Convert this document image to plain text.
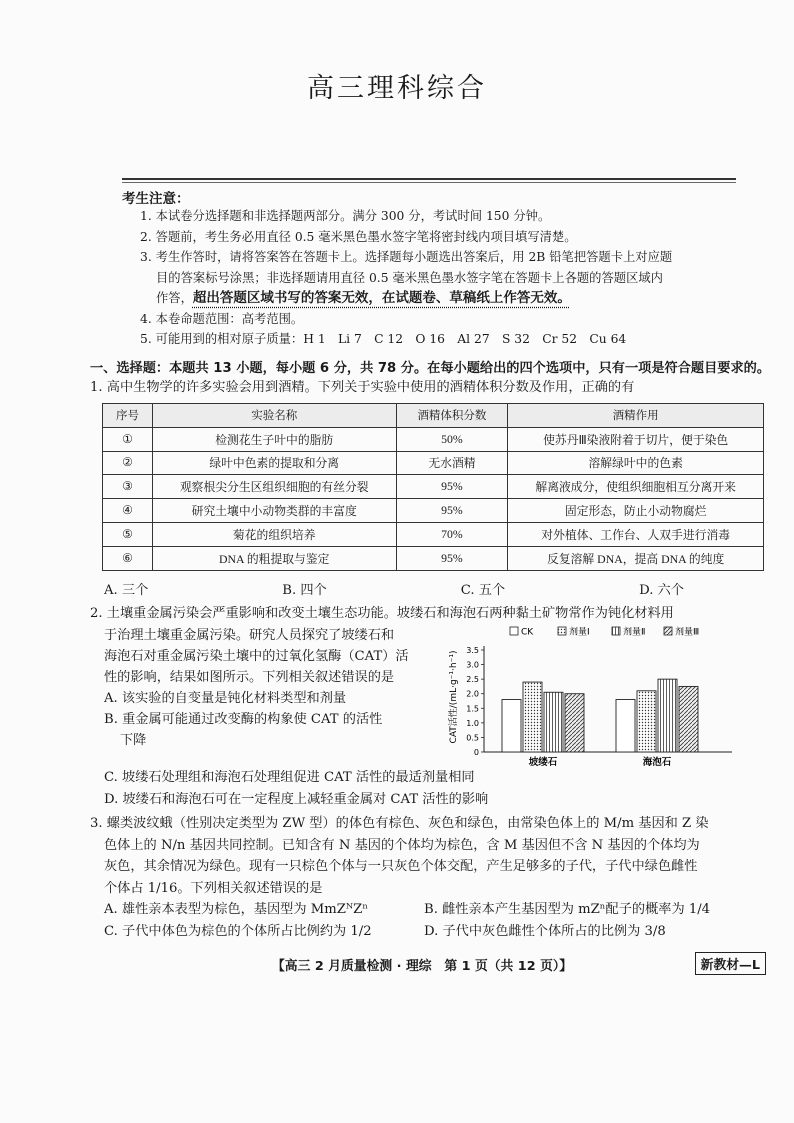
高三理科综合
考生注意：
1. 本试卷分选择题和非选择题两部分。满分 300 分，考试时间 150 分钟。
2. 答题前，考生务必用直径 0.5 毫米黑色墨水签字笔将密封线内项目填写清楚。
3. 考生作答时，请将答案答在答题卡上。选择题每小题选出答案后，用 2B 铅笔把答题卡上对应题
目的答案标号涂黑；非选择题请用直径 0.5 毫米黑色墨水签字笔在答题卡上各题的答题区域内
作答，超出答题区域书写的答案无效，在试题卷、草稿纸上作答无效。
4. 本卷命题范围：高考范围。
5. 可能用到的相对原子质量：H 1　Li 7　C 12　O 16　Al 27　S 32　Cr 52　Cu 64
一、选择题：本题共 13 小题，每小题 6 分，共 78 分。在每小题给出的四个选项中，只有一项是符合题目要求的。
1. 高中生物学的许多实验会用到酒精。下列关于实验中使用的酒精体积分数及作用，正确的有
序号	实验名称	酒精体积分数	酒精作用
①	检测花生子叶中的脂肪	50%	使苏丹Ⅲ染液附着于切片，便于染色
②	绿叶中色素的提取和分离	无水酒精	溶解绿叶中的色素
③	观察根尖分生区组织细胞的有丝分裂	95%	解离液成分，使组织细胞相互分离开来
④	研究土壤中小动物类群的丰富度	95%	固定形态，防止小动物腐烂
⑤	菊花的组织培养	70%	对外植体、工作台、人双手进行消毒
⑥	DNA 的粗提取与鉴定	95%	反复溶解 DNA，提高 DNA 的纯度
A. 三个	B. 四个	C. 五个	D. 六个
2. 土壤重金属污染会严重影响和改变土壤生态功能。坡缕石和海泡石两种黏土矿物常作为钝化材料用
于治理土壤重金属污染。研究人员探究了坡缕石和
海泡石对重金属污染土壤中的过氧化氢酶（CAT）活
性的影响，结果如图所示。下列相关叙述错误的是
A. 该实验的自变量是钝化材料类型和剂量
B. 重金属可能通过改变酶的构象使 CAT 的活性
下降
C. 坡缕石处理组和海泡石处理组促进 CAT 活性的最适剂量相同
D. 坡缕石和海泡石可在一定程度上减轻重金属对 CAT 活性的影响
CK	剂量Ⅰ	剂量Ⅱ	剂量Ⅲ
0
0.5
1.0
1.5
2.0
2.5
3.0
3.5
坡缕石	海泡石
CAT活性/(mL·g⁻¹·h⁻¹)
3. 螺类波纹蛾（性别决定类型为 ZW 型）的体色有棕色、灰色和绿色，由常染色体上的 M/m 基因和 Z 染
色体上的 N/n 基因共同控制。已知含有 N 基因的个体均为棕色，含 M 基因但不含 N 基因的个体均为
灰色，其余情况为绿色。现有一只棕色个体与一只灰色个体交配，产生足够多的子代，子代中绿色雌性
个体占 1/16。下列相关叙述错误的是
A. 雄性亲本表型为棕色，基因型为 MmZᴺZⁿ	B. 雌性亲本产生基因型为 mZⁿ配子的概率为 1/4
C. 子代中体色为棕色的个体所占比例约为 1/2	D. 子代中灰色雌性个体所占的比例为 3/8
【高三 2 月质量检测 · 理综　第 1 页（共 12 页）】	新教材—L
